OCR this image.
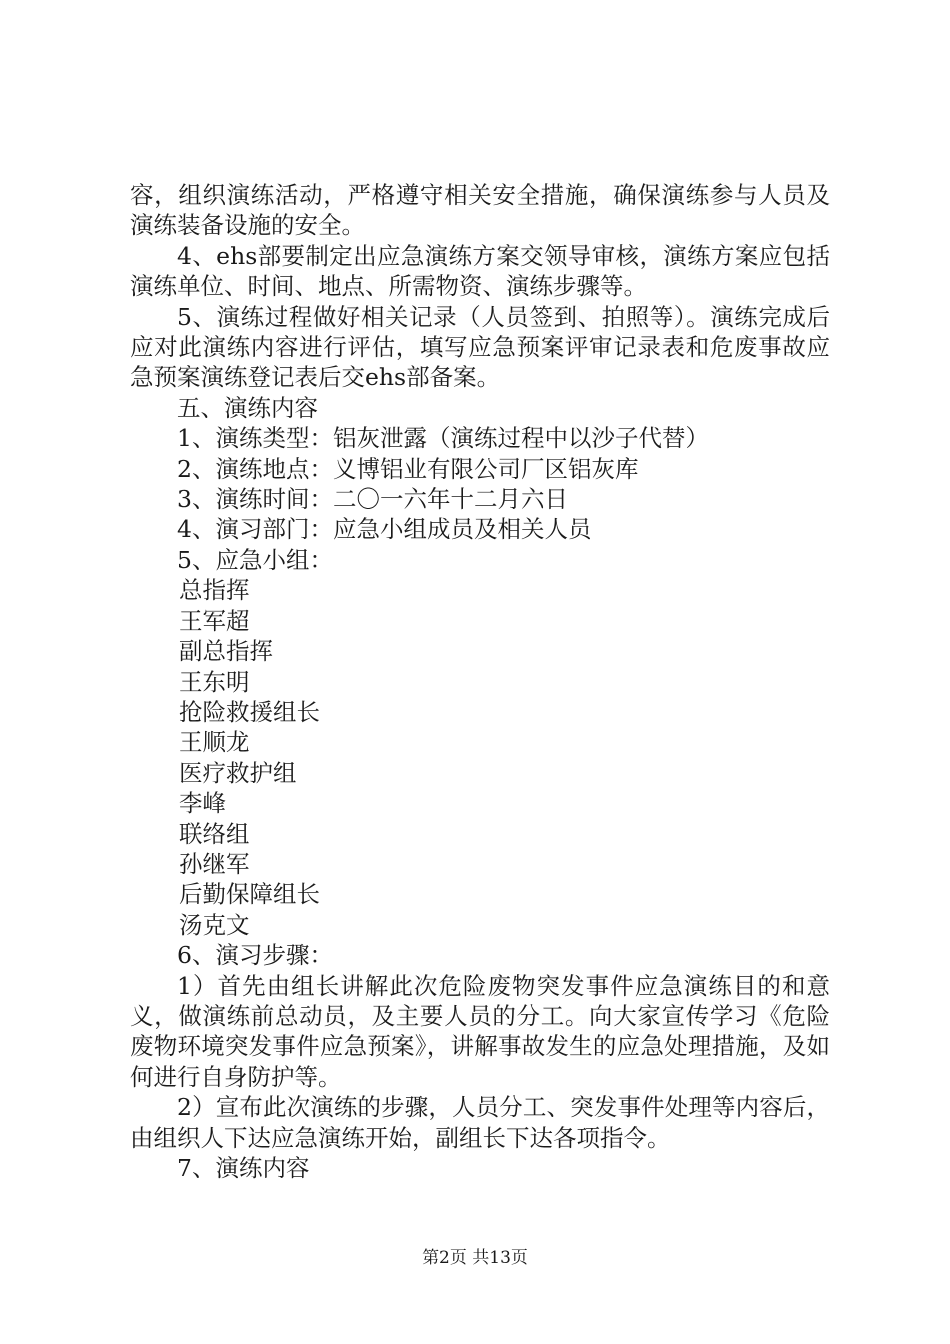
容，组织演练活动，严格遵守相关安全措施，确保演练参与人员及演练装备设施的安全。

4、ehs部要制定出应急演练方案交领导审核，演练方案应包括演练单位、时间、地点、所需物资、演练步骤等。

5、演练过程做好相关记录（人员签到、拍照等）。演练完成后应对此演练内容进行评估，填写应急预案评审记录表和危废事故应急预案演练登记表后交ehs部备案。

五、演练内容

1、演练类型：铝灰泄露（演练过程中以沙子代替）

2、演练地点：义博铝业有限公司厂区铝灰库

3、演练时间：二〇一六年十二月六日

4、演习部门：应急小组成员及相关人员

5、应急小组：

总指挥

王军超

副总指挥

王东明

抢险救援组长

王顺龙

医疗救护组

李峰

联络组

孙继军

后勤保障组长

汤克文

6、演习步骤：

1）首先由组长讲解此次危险废物突发事件应急演练目的和意义，做演练前总动员，及主要人员的分工。向大家宣传学习《危险废物环境突发事件应急预案》，讲解事故发生的应急处理措施，及如何进行自身防护等。

2）宣布此次演练的步骤，人员分工、突发事件处理等内容后，由组织人下达应急演练开始，副组长下达各项指令。

7、演练内容

第2页 共13页
